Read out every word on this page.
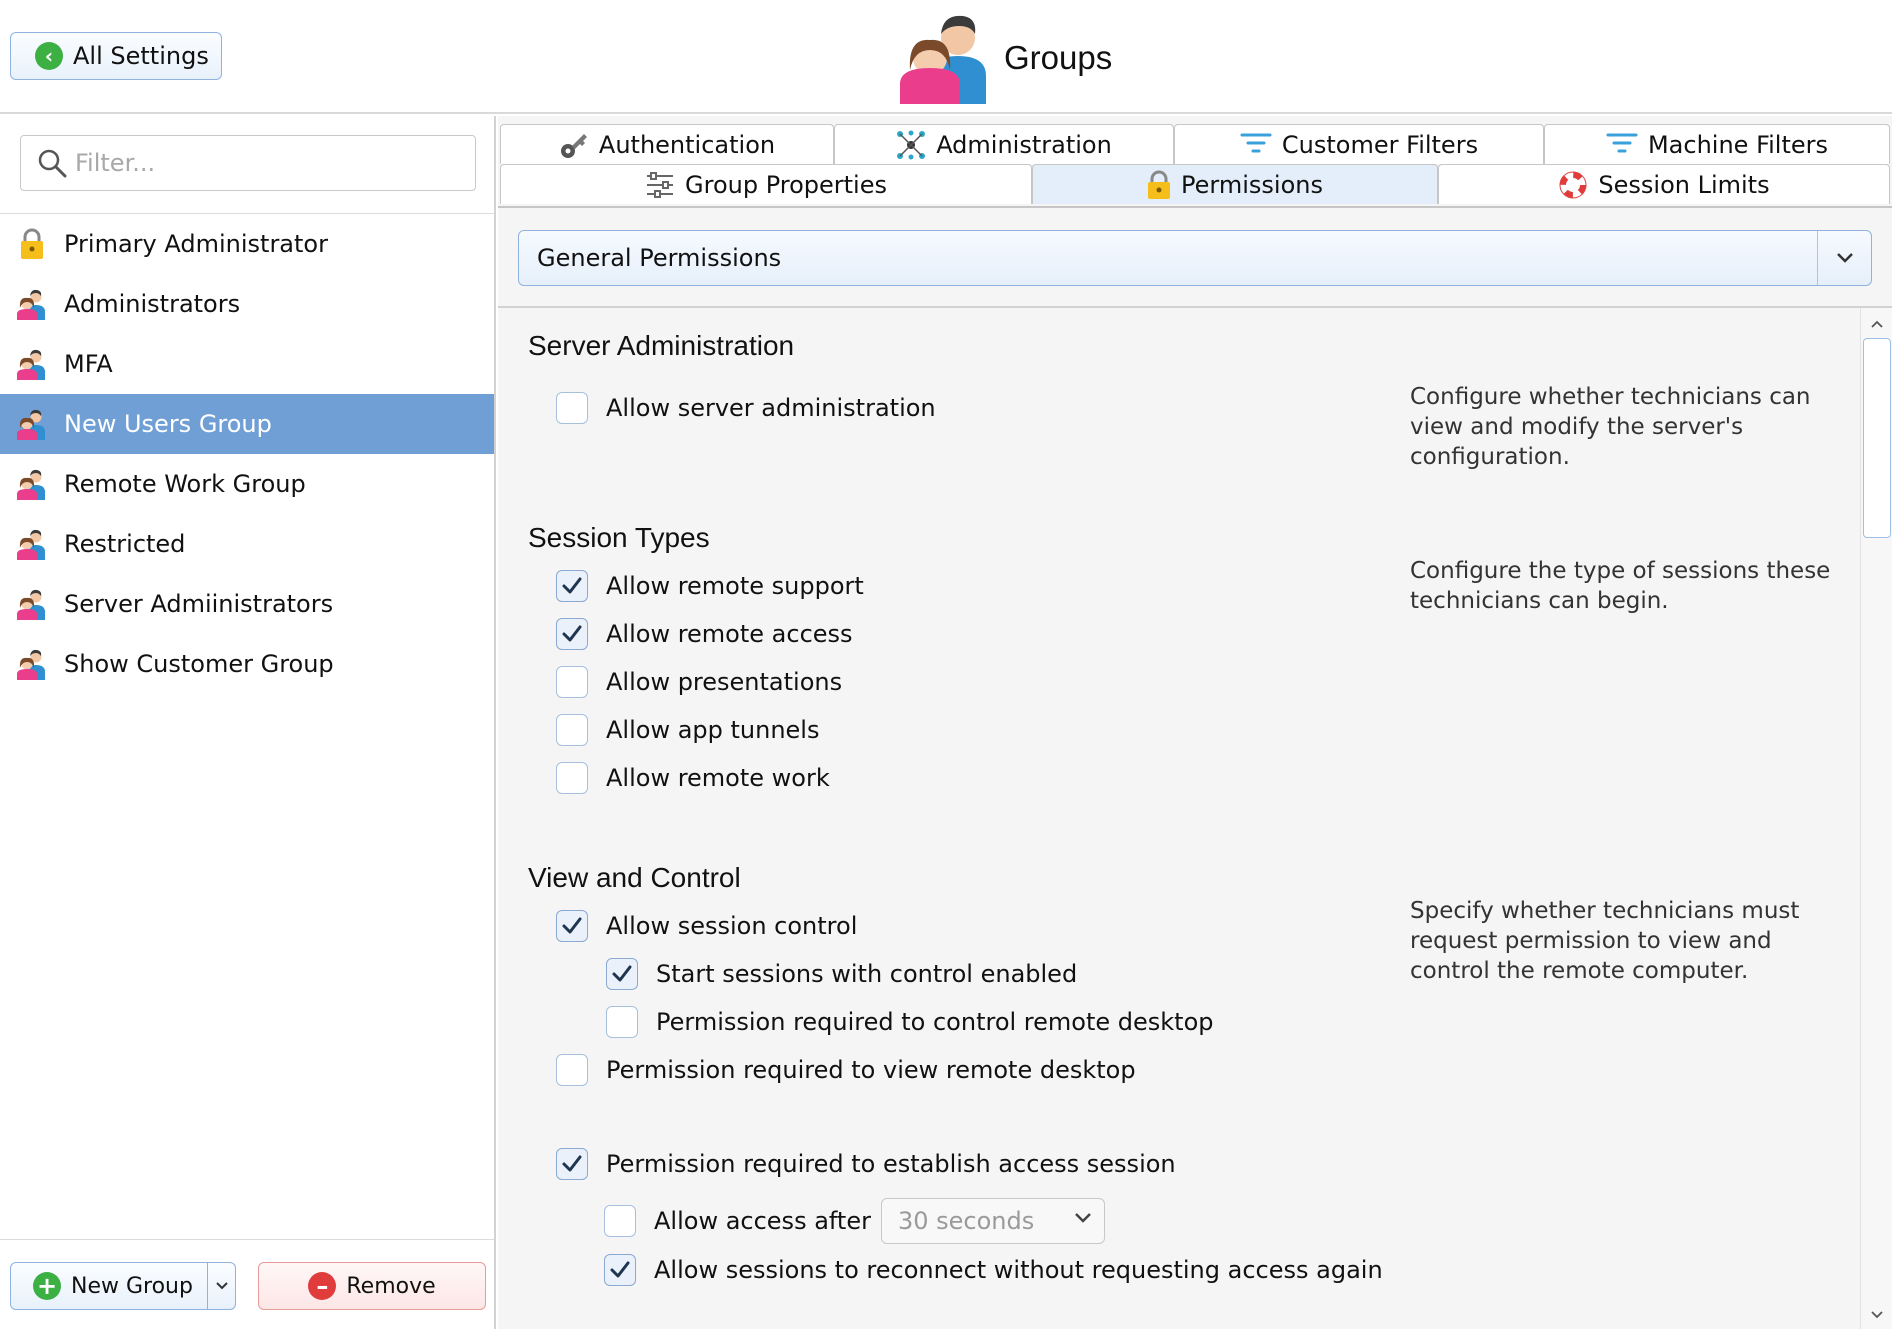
‹ All Settings	Groups
Filter...
Primary Administrator
Administrators
MFA
New Users Group
Remote Work Group
Restricted
Server Admiinistrators
Show Customer Group
+ New Group	– Remove
Authentication	Administration	Customer Filters	Machine Filters
Group Properties	Permissions	Session Limits
General Permissions
Server Administration
Configure whether technicians can view and modify the server's configuration.
Allow server administration
Session Types
Configure the type of sessions these technicians can begin.
Allow remote support
Allow remote access
Allow presentations
Allow app tunnels
Allow remote work
View and Control
Specify whether technicians must request permission to view and control the remote computer.
Allow session control
Start sessions with control enabled
Permission required to control remote desktop
Permission required to view remote desktop
Permission required to establish access session
Allow access after 30 seconds
Allow sessions to reconnect without requesting access again
